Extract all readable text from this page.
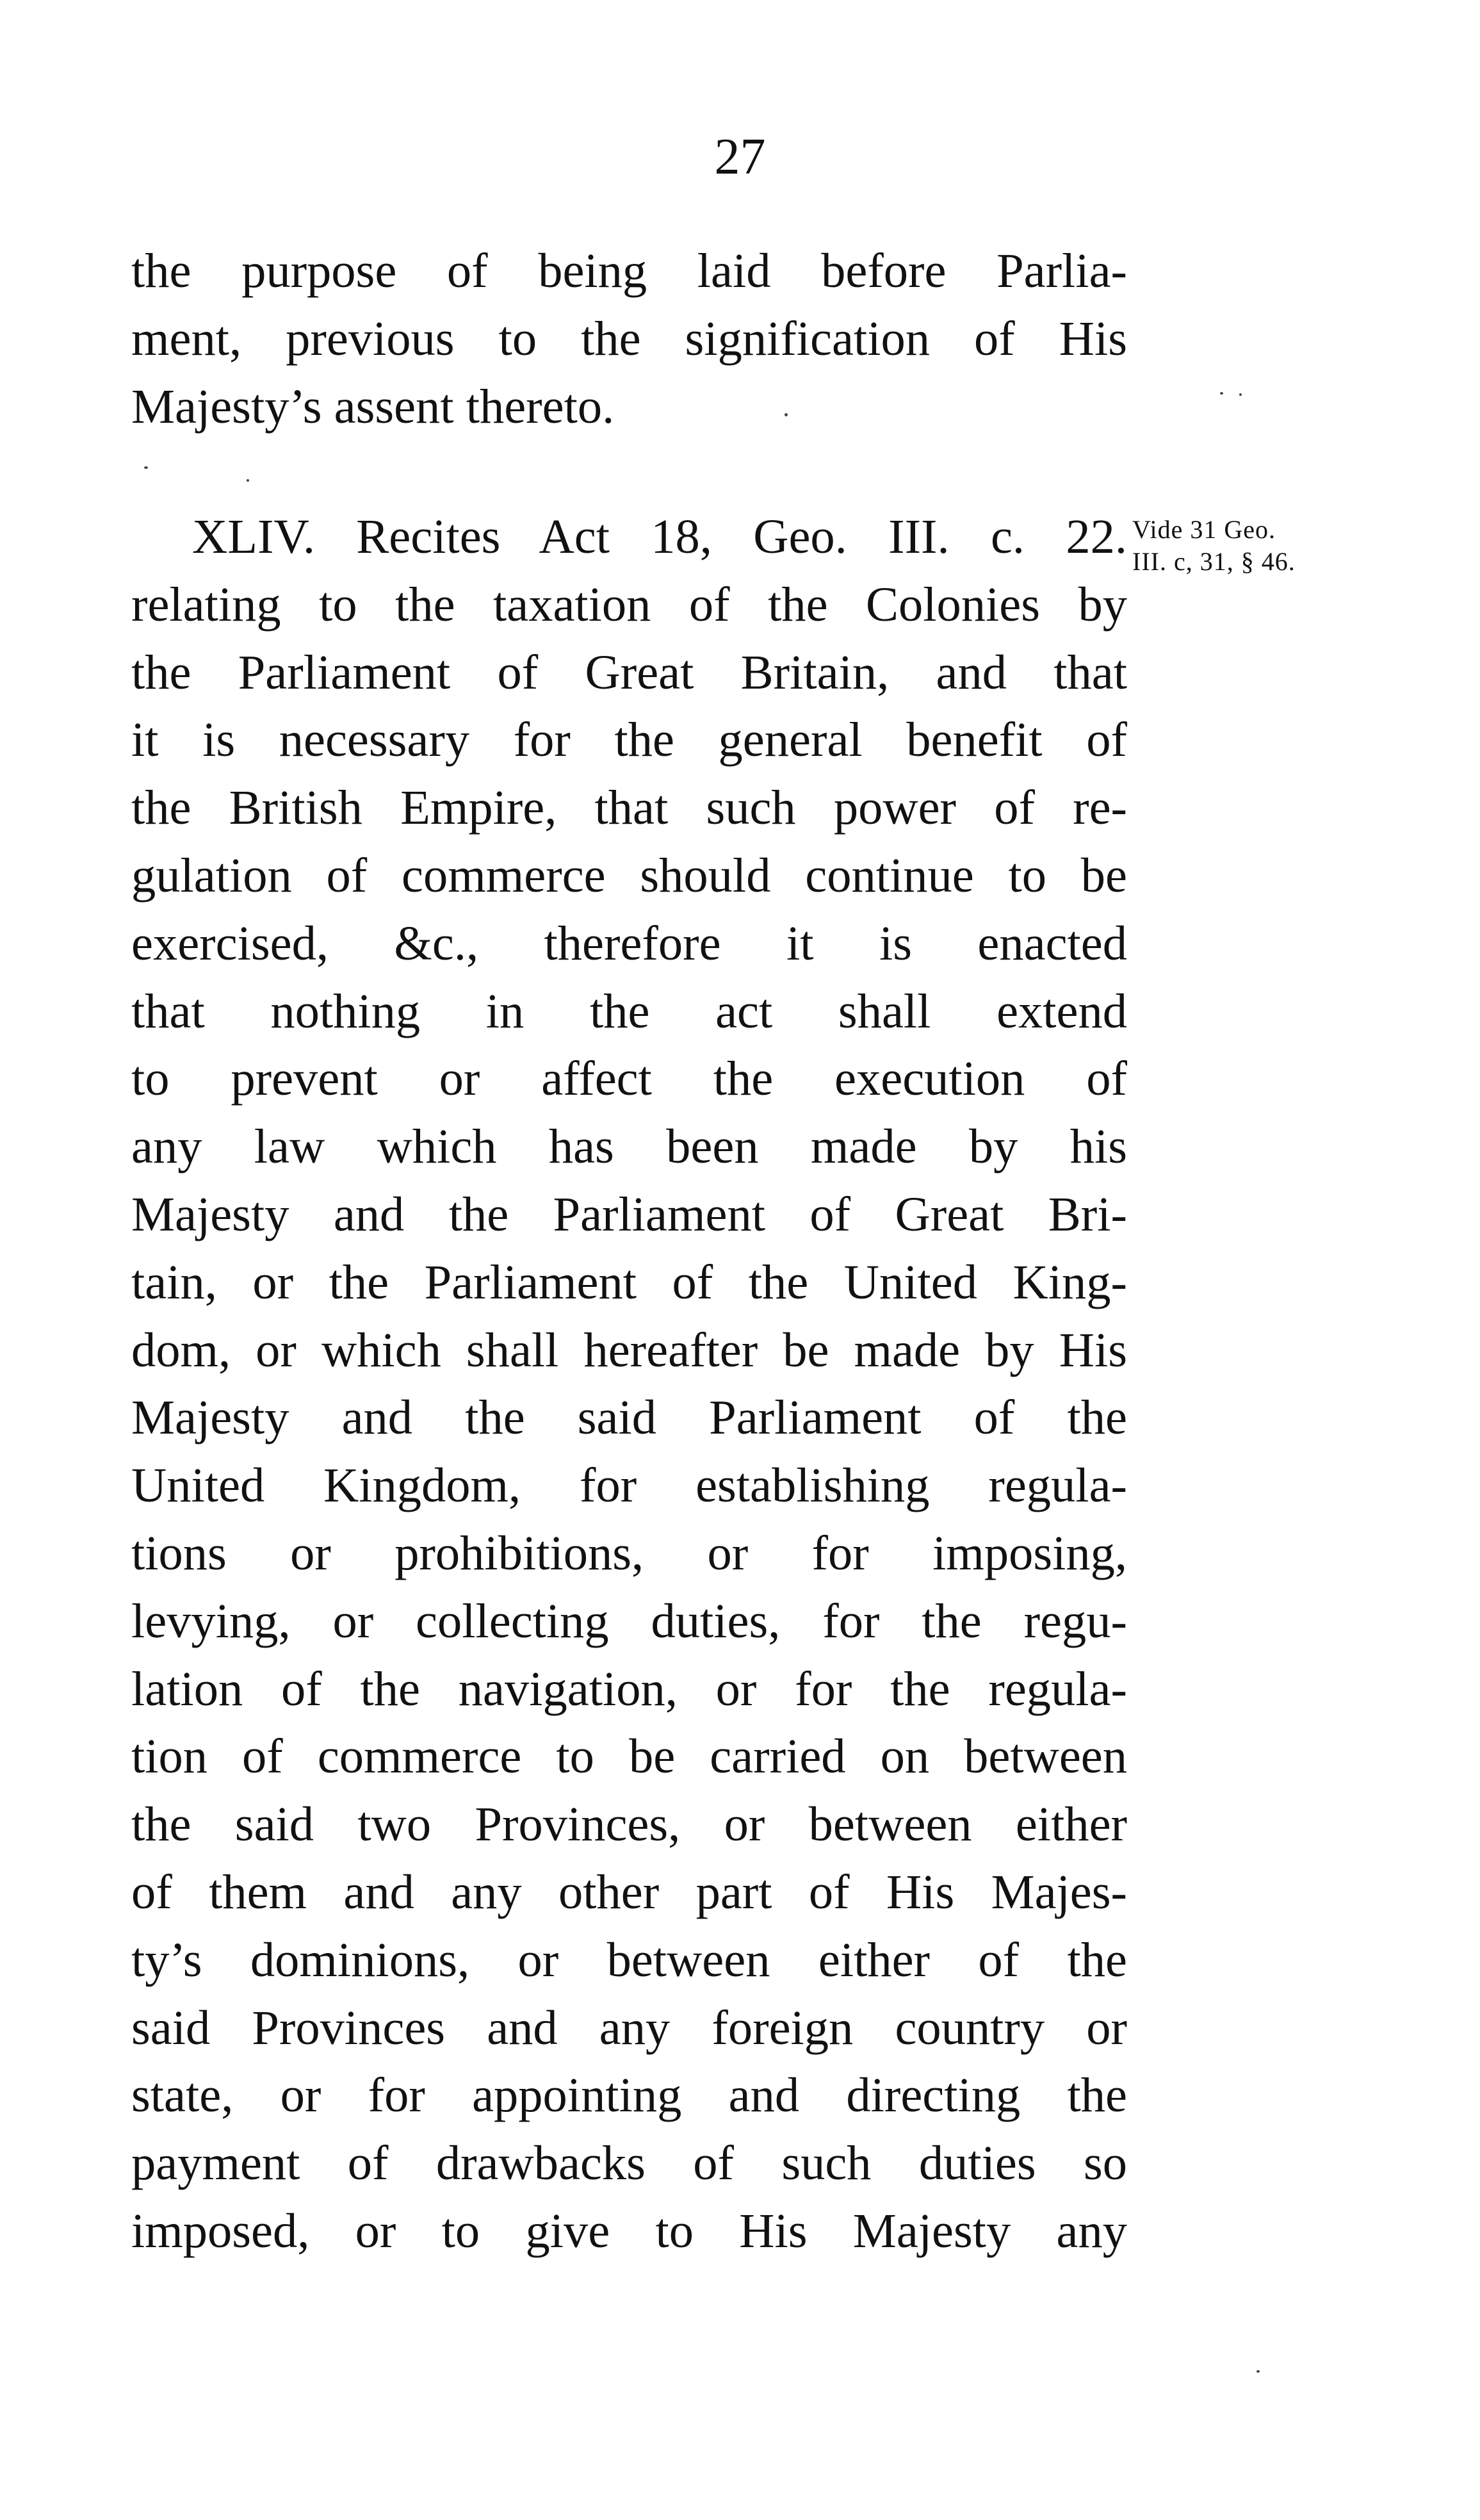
27
the purpose of being laid before Parlia-
ment, previous to the signification of His
Majesty’s assent thereto.
XLIV. Recites Act 18, Geo. III. c. 22.
relating to the taxation of the Colonies by
the Parliament of Great Britain, and that
it is necessary for the general benefit of
the British Empire, that such power of re-
gulation of commerce should continue to be
exercised, &c., therefore it is enacted
that nothing in the act shall extend
to prevent or affect the execution of
any law which has been made by his
Majesty and the Parliament of Great Bri-
tain, or the Parliament of the United King-
dom, or which shall hereafter be made by His
Majesty and the said Parliament of the
United Kingdom, for establishing regula-
tions or prohibitions, or for imposing,
levying, or collecting duties, for the regu-
lation of the navigation, or for the regula-
tion of commerce to be carried on between
the said two Provinces, or between either
of them and any other part of His Majes-
ty’s dominions, or between either of the
said Provinces and any foreign country or
state, or for appointing and directing the
payment of drawbacks of such duties so
imposed, or to give to His Majesty any
Vide 31 Geo.
III. c, 31, § 46.
